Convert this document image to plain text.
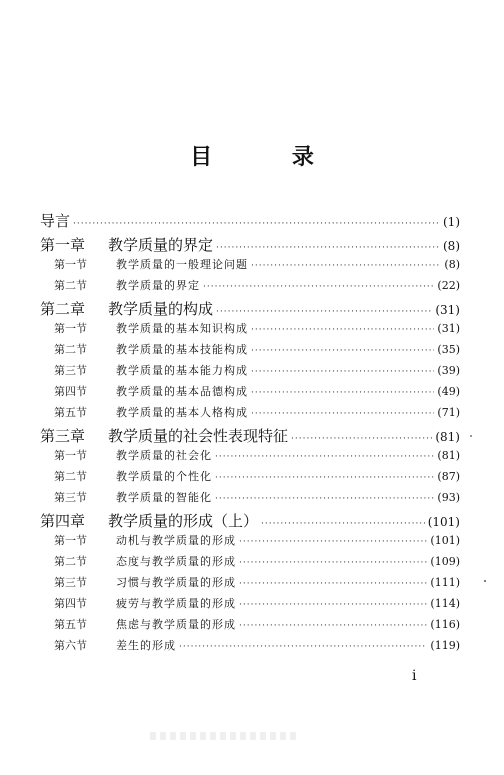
目 录
导言 ·····	(1)
第一章	教学质量的界定 ·····	(8)
第一节	教学质量的一般理论问题 ·····	(8)
第二节	教学质量的界定 ·····	(22)
第二章	教学质量的构成 ·····	(31)
第一节	教学质量的基本知识构成 ·····	(31)
第二节	教学质量的基本技能构成 ·····	(35)
第三节	教学质量的基本能力构成 ·····	(39)
第四节	教学质量的基本品德构成 ·····	(49)
第五节	教学质量的基本人格构成 ·····	(71)
第三章	教学质量的社会性表现特征 ·····	(81)
第一节	教学质量的社会化 ·····	(81)
第二节	教学质量的个性化 ·····	(87)
第三节	教学质量的智能化 ·····	(93)
第四章	教学质量的形成（上） ·····	(101)
第一节	动机与教学质量的形成 ·····	(101)
第二节	态度与教学质量的形成 ·····	(109)
第三节	习惯与教学质量的形成 ·····	(111)
第四节	疲劳与教学质量的形成 ·····	(114)
第五节	焦虑与教学质量的形成 ·····	(116)
第六节	差生的形成 ·····	(119)
i
